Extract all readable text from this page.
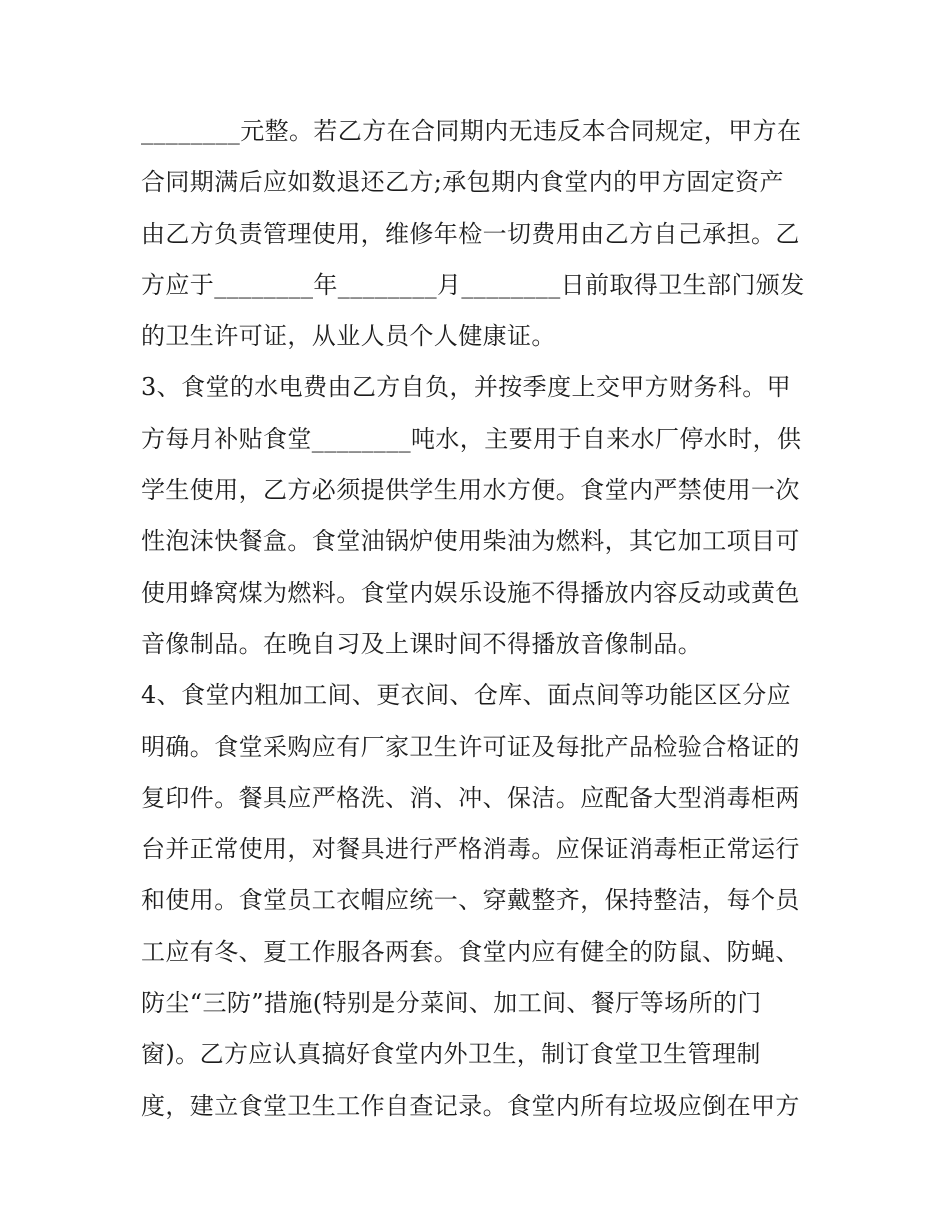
________元整。若乙方在合同期内无违反本合同规定，甲方在
合同期满后应如数退还乙方;承包期内食堂内的甲方固定资产
由乙方负责管理使用，维修年检一切费用由乙方自己承担。乙
方应于________年________月________日前取得卫生部门颁发
的卫生许可证，从业人员个人健康证。
3、食堂的水电费由乙方自负，并按季度上交甲方财务科。甲
方每月补贴食堂________吨水，主要用于自来水厂停水时，供
学生使用，乙方必须提供学生用水方便。食堂内严禁使用一次
性泡沫快餐盒。食堂油锅炉使用柴油为燃料，其它加工项目可
使用蜂窝煤为燃料。食堂内娱乐设施不得播放内容反动或黄色
音像制品。在晚自习及上课时间不得播放音像制品。
4、食堂内粗加工间、更衣间、仓库、面点间等功能区区分应
明确。食堂采购应有厂家卫生许可证及每批产品检验合格证的
复印件。餐具应严格洗、消、冲、保洁。应配备大型消毒柜两
台并正常使用，对餐具进行严格消毒。应保证消毒柜正常运行
和使用。食堂员工衣帽应统一、穿戴整齐，保持整洁，每个员
工应有冬、夏工作服各两套。食堂内应有健全的防鼠、防蝇、
防尘“三防”措施(特别是分菜间、加工间、餐厅等场所的门
窗)。乙方应认真搞好食堂内外卫生，制订食堂卫生管理制
度，建立食堂卫生工作自查记录。食堂内所有垃圾应倒在甲方
